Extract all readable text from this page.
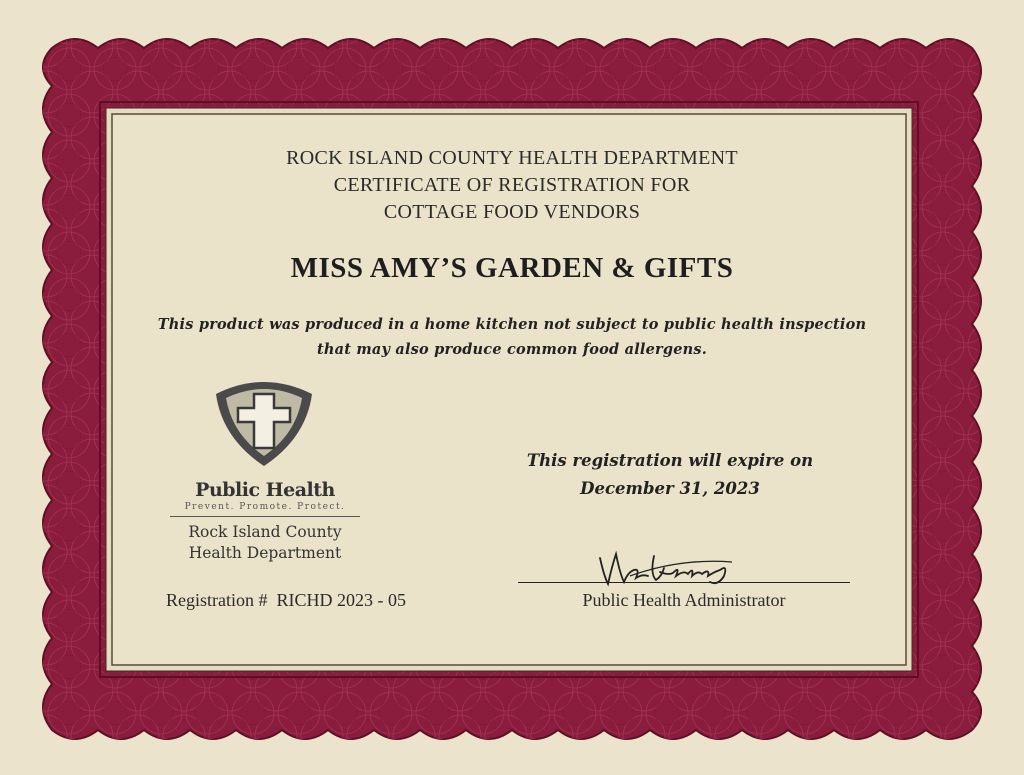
ROCK ISLAND COUNTY HEALTH DEPARTMENT
CERTIFICATE OF REGISTRATION FOR
COTTAGE FOOD VENDORS
MISS AMY’S GARDEN & GIFTS
This product was produced in a home kitchen not subject to public health inspection
that may also produce common food allergens.
Public Health
Prevent. Promote. Protect.
Rock Island County
Health Department
This registration will expire on
December 31, 2023
Registration #  RICHD 2023 - 05	Public Health Administrator
